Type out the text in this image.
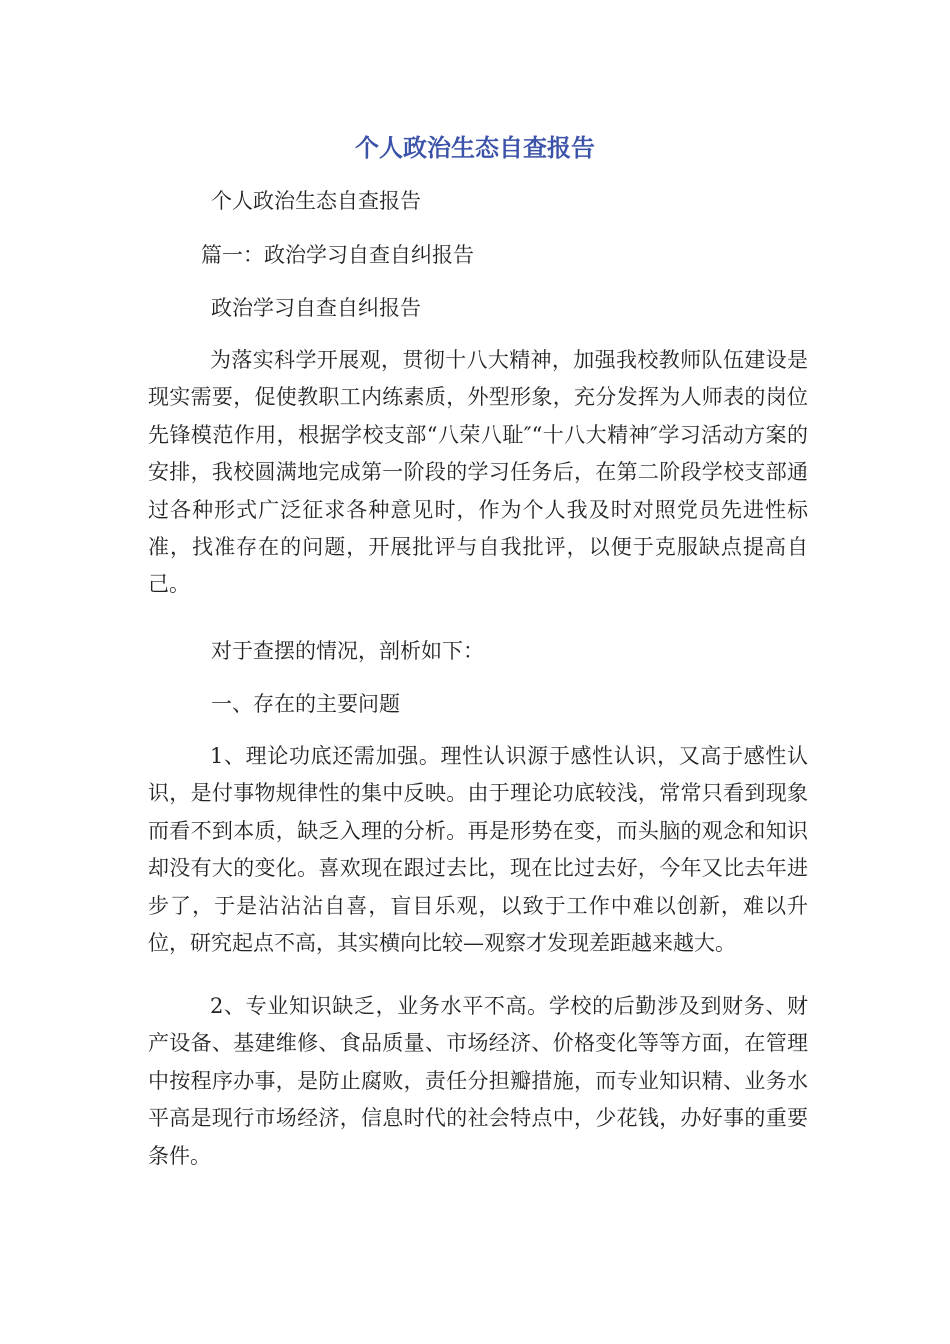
个人政治生态自查报告

个人政治生态自查报告

篇一：政治学习自查自纠报告

政治学习自查自纠报告

为落实科学开展观，贯彻十八大精神，加强我校教师队伍建设是现实需要，促使教职工内练素质，外型形象，充分发挥为人师表的岗位先锋模范作用，根据学校支部“八荣八耻″“十八大精神″学习活动方案的安排，我校圆满地完成第一阶段的学习任务后，在第二阶段学校支部通过各种形式广泛征求各种意见时，作为个人我及时对照党员先进性标准，找准存在的问题，开展批评与自我批评，以便于克服缺点提高自己。

对于查摆的情况，剖析如下：

一、存在的主要问题

1、理论功底还需加强。理性认识源于感性认识，又高于感性认识，是付事物规律性的集中反映。由于理论功底较浅，常常只看到现象而看不到本质，缺乏入理的分析。再是形势在变，而头脑的观念和知识却没有大的变化。喜欢现在跟过去比，现在比过去好，今年又比去年进步了，于是沾沾沾自喜，盲目乐观，以致于工作中难以创新，难以升位，研究起点不高，其实横向比较—观察才发现差距越来越大。

2、专业知识缺乏，业务水平不高。学校的后勤涉及到财务、财产设备、基建维修、食品质量、市场经济、价格变化等等方面，在管理中按程序办事，是防止腐败，责任分担瓣措施，而专业知识精、业务水平高是现行市场经济，信息时代的社会特点中，少花钱，办好事的重要条件。
